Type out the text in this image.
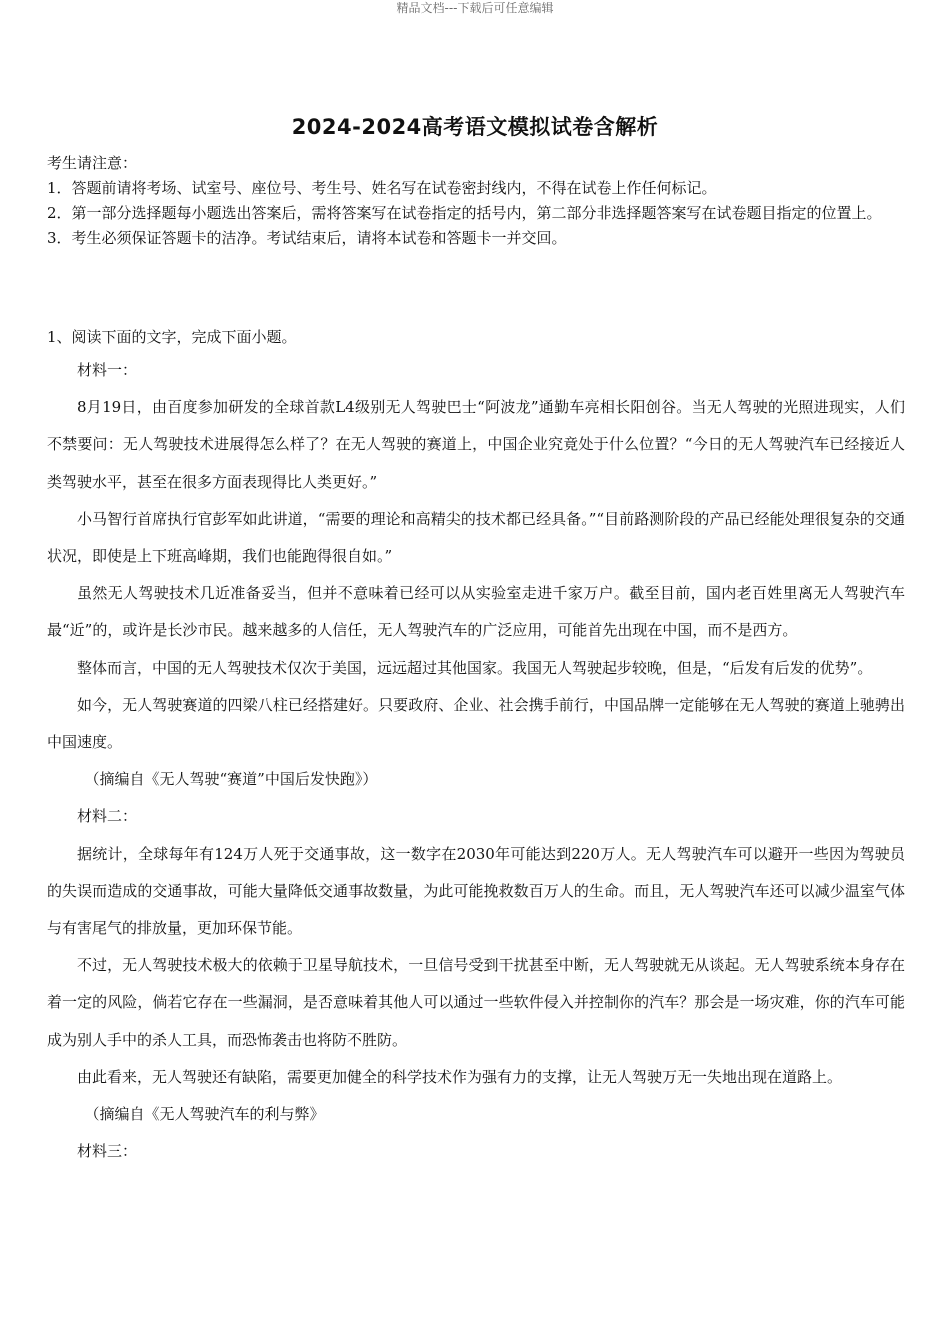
精品文档---下载后可任意编辑
2024-2024高考语文模拟试卷含解析

考生请注意：

1．答题前请将考场、试室号、座位号、考生号、姓名写在试卷密封线内，不得在试卷上作任何标记。

2．第一部分选择题每小题选出答案后，需将答案写在试卷指定的括号内，第二部分非选择题答案写在试卷题目指定的位置上。

3．考生必须保证答题卡的洁净。考试结束后，请将本试卷和答题卡一并交回。

1、阅读下面的文字，完成下面小题。

材料一：

8月19日，由百度参加研发的全球首款L4级别无人驾驶巴士“阿波龙”通勤车亮相长阳创谷。当无人驾驶的光照进现实，人们不禁要问：无人驾驶技术进展得怎么样了？在无人驾驶的赛道上，中国企业究竟处于什么位置？“今日的无人驾驶汽车已经接近人类驾驶水平，甚至在很多方面表现得比人类更好。”

小马智行首席执行官彭军如此讲道，“需要的理论和高精尖的技术都已经具备。”“目前路测阶段的产品已经能处理很复杂的交通状况，即使是上下班高峰期，我们也能跑得很自如。”

虽然无人驾驶技术几近准备妥当，但并不意味着已经可以从实验室走进千家万户。截至目前，国内老百姓里离无人驾驶汽车最“近”的，或许是长沙市民。越来越多的人信任，无人驾驶汽车的广泛应用，可能首先出现在中国，而不是西方。

整体而言，中国的无人驾驶技术仅次于美国，远远超过其他国家。我国无人驾驶起步较晚，但是，“后发有后发的优势”。

如今，无人驾驶赛道的四梁八柱已经搭建好。只要政府、企业、社会携手前行，中国品牌一定能够在无人驾驶的赛道上驰骋出中国速度。

（摘编自《无人驾驶“赛道”中国后发快跑》）

材料二：

据统计，全球每年有124万人死于交通事故，这一数字在2030年可能达到220万人。无人驾驶汽车可以避开一些因为驾驶员的失误而造成的交通事故，可能大量降低交通事故数量，为此可能挽救数百万人的生命。而且，无人驾驶汽车还可以减少温室气体与有害尾气的排放量，更加环保节能。

不过，无人驾驶技术极大的依赖于卫星导航技术，一旦信号受到干扰甚至中断，无人驾驶就无从谈起。无人驾驶系统本身存在着一定的风险，倘若它存在一些漏洞，是否意味着其他人可以通过一些软件侵入并控制你的汽车？那会是一场灾难，你的汽车可能成为别人手中的杀人工具，而恐怖袭击也将防不胜防。

由此看来，无人驾驶还有缺陷，需要更加健全的科学技术作为强有力的支撑，让无人驾驶万无一失地出现在道路上。

（摘编自《无人驾驶汽车的利与弊》

材料三：
